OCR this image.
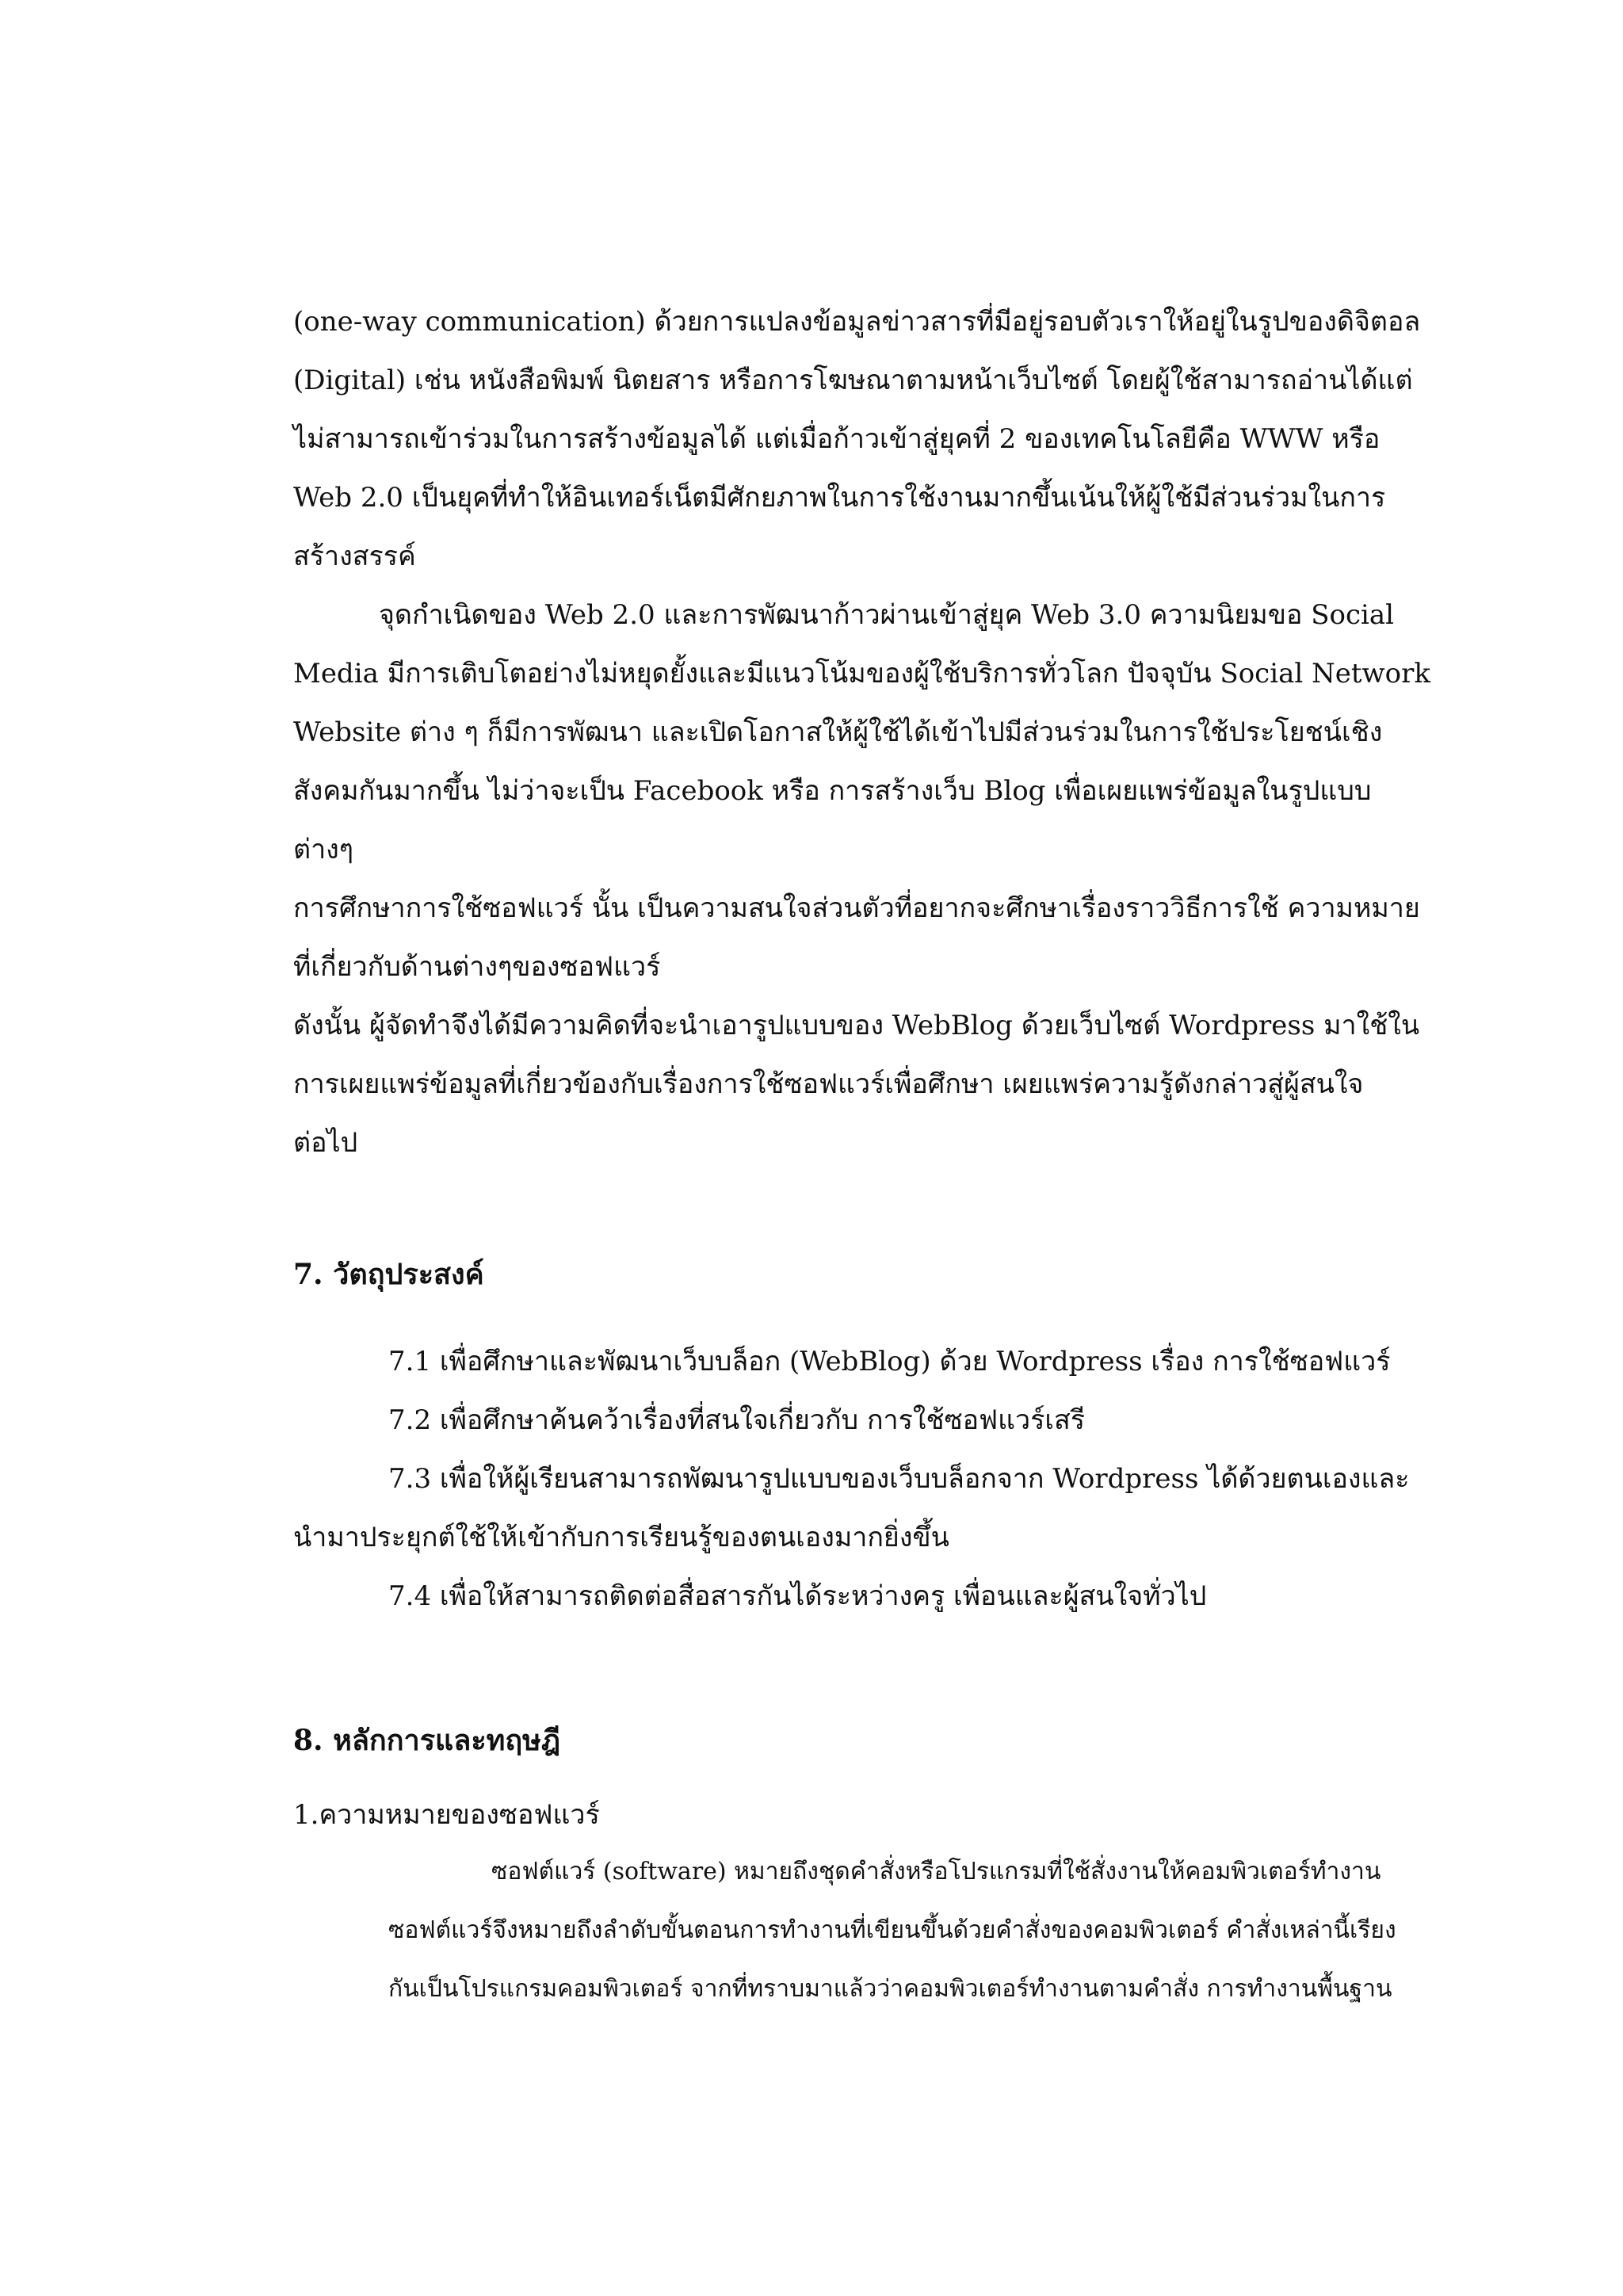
(one-way communication) ด้วยการแปลงข้อมูลข่าวสารที่มีอยู่รอบตัวเราให้อยู่ในรูปของดิจิตอล
(Digital) เช่น หนังสือพิมพ์ นิตยสาร หรือการโฆษณาตามหน้าเว็บไซต์ โดยผู้ใช้สามารถอ่านได้แต่
ไม่สามารถเข้าร่วมในการสร้างข้อมูลได้ แต่เมื่อก้าวเข้าสู่ยุคที่ 2 ของเทคโนโลยีคือ WWW หรือ
Web 2.0 เป็นยุคที่ทำให้อินเทอร์เน็ตมีศักยภาพในการใช้งานมากขึ้นเน้นให้ผู้ใช้มีส่วนร่วมในการ
สร้างสรรค์
จุดกำเนิดของ Web 2.0 และการพัฒนาก้าวผ่านเข้าสู่ยุค Web 3.0 ความนิยมขอ Social
Media มีการเติบโตอย่างไม่หยุดยั้งและมีแนวโน้มของผู้ใช้บริการทั่วโลก ปัจจุบัน Social Network
Website ต่าง ๆ ก็มีการพัฒนา และเปิดโอกาสให้ผู้ใช้ได้เข้าไปมีส่วนร่วมในการใช้ประโยชน์เชิง
สังคมกันมากขึ้น ไม่ว่าจะเป็น Facebook หรือ การสร้างเว็บ Blog เพื่อเผยแพร่ข้อมูลในรูปแบบ
ต่างๆ
การศึกษาการใช้ซอฟแวร์ นั้น เป็นความสนใจส่วนตัวที่อยากจะศึกษาเรื่องราววิธีการใช้ ความหมาย
ที่เกี่ยวกับด้านต่างๆของซอฟแวร์
ดังนั้น ผู้จัดทำจึงได้มีความคิดที่จะนำเอารูปแบบของ WebBlog ด้วยเว็บไซต์ Wordpress มาใช้ใน
การเผยแพร่ข้อมูลที่เกี่ยวข้องกับเรื่องการใช้ซอฟแวร์เพื่อศึกษา เผยแพร่ความรู้ดังกล่าวสู่ผู้สนใจ
ต่อไป
7. วัตถุประสงค์
7.1 เพื่อศึกษาและพัฒนาเว็บบล็อก (WebBlog) ด้วย Wordpress เรื่อง การใช้ซอฟแวร์
7.2 เพื่อศึกษาค้นคว้าเรื่องที่สนใจเกี่ยวกับ การใช้ซอฟแวร์เสรี
7.3 เพื่อให้ผู้เรียนสามารถพัฒนารูปแบบของเว็บบล็อกจาก Wordpress ได้ด้วยตนเองและ
นำมาประยุกต์ใช้ให้เข้ากับการเรียนรู้ของตนเองมากยิ่งขึ้น
7.4 เพื่อให้สามารถติดต่อสื่อสารกันได้ระหว่างครู เพื่อนและผู้สนใจทั่วไป
8. หลักการและทฤษฎี
1.ความหมายของซอฟแวร์
ซอฟต์แวร์ (software) หมายถึงชุดคำสั่งหรือโปรแกรมที่ใช้สั่งงานให้คอมพิวเตอร์ทำงาน
ซอฟต์แวร์จึงหมายถึงลำดับขั้นตอนการทำงานที่เขียนขึ้นด้วยคำสั่งของคอมพิวเตอร์ คำสั่งเหล่านี้เรียง
กันเป็นโปรแกรมคอมพิวเตอร์ จากที่ทราบมาแล้วว่าคอมพิวเตอร์ทำงานตามคำสั่ง การทำงานพื้นฐาน
